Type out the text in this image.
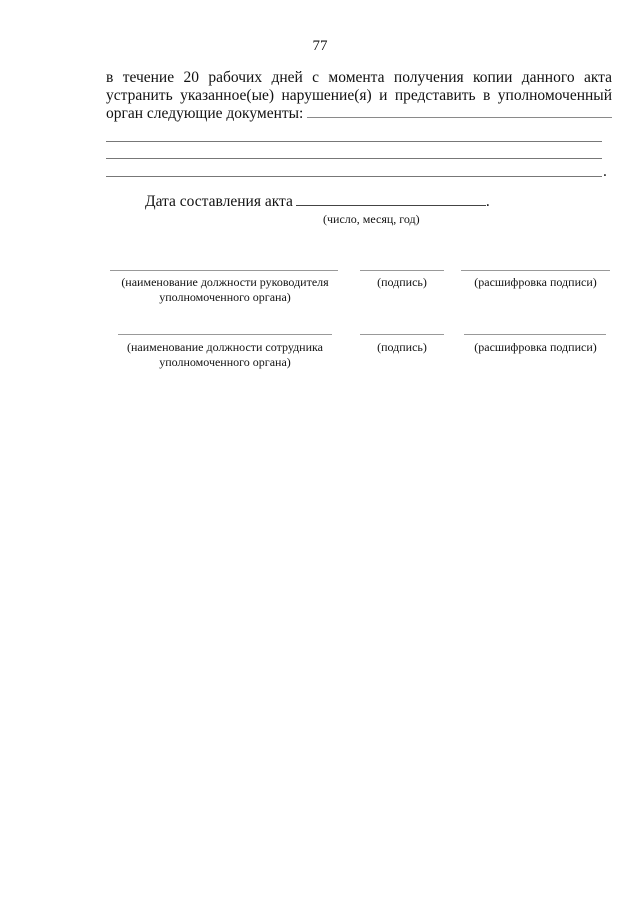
77
в течение 20 рабочих дней с момента получения копии данного акта
устранить указанное(ые) нарушение(я) и представить в уполномоченный
орган следующие документы:
.
Дата составления акта	.
(число, месяц, год)
(наименование должности руководителя
уполномоченного органа)
(подпись)	(расшифровка подписи)
(наименование должности сотрудника
уполномоченного органа)
(подпись)	(расшифровка подписи)
